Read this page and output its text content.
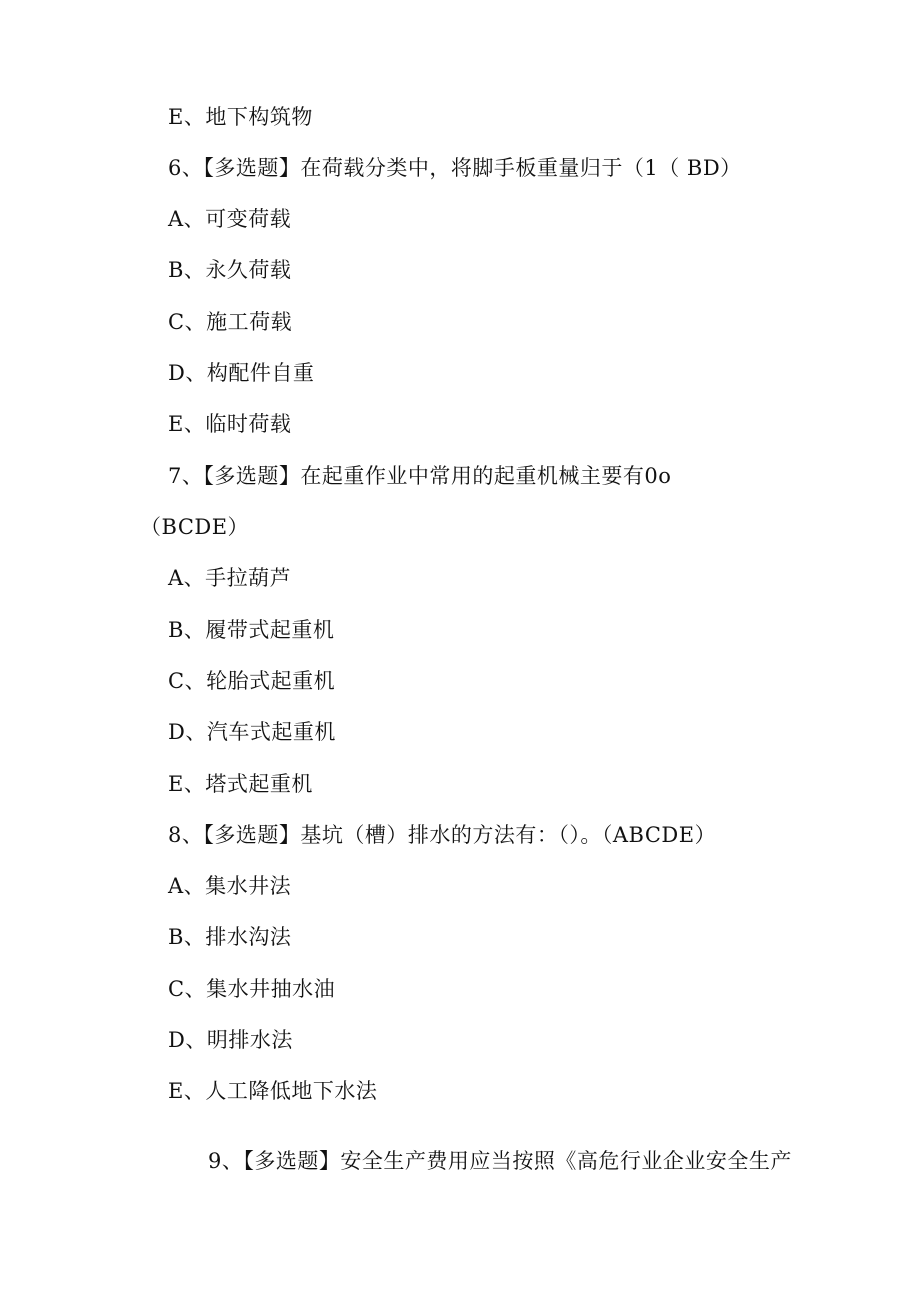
E、地下构筑物
6、【多选题】在荷载分类中，将脚手板重量归于（1（ BD）
A、可变荷载
B、永久荷载
C、施工荷载
D、构配件自重
E、临时荷载
7、【多选题】在起重作业中常用的起重机械主要有0o
（BCDE）
A、手拉葫芦
B、履带式起重机
C、轮胎式起重机
D、汽车式起重机
E、塔式起重机
8、【多选题】基坑（槽）排水的方法有：（）。（ABCDE）
A、集水井法
B、排水沟法
C、集水井抽水油
D、明排水法
E、人工降低地下水法
9、【多选题】安全生产费用应当按照《高危行业企业安全生产
